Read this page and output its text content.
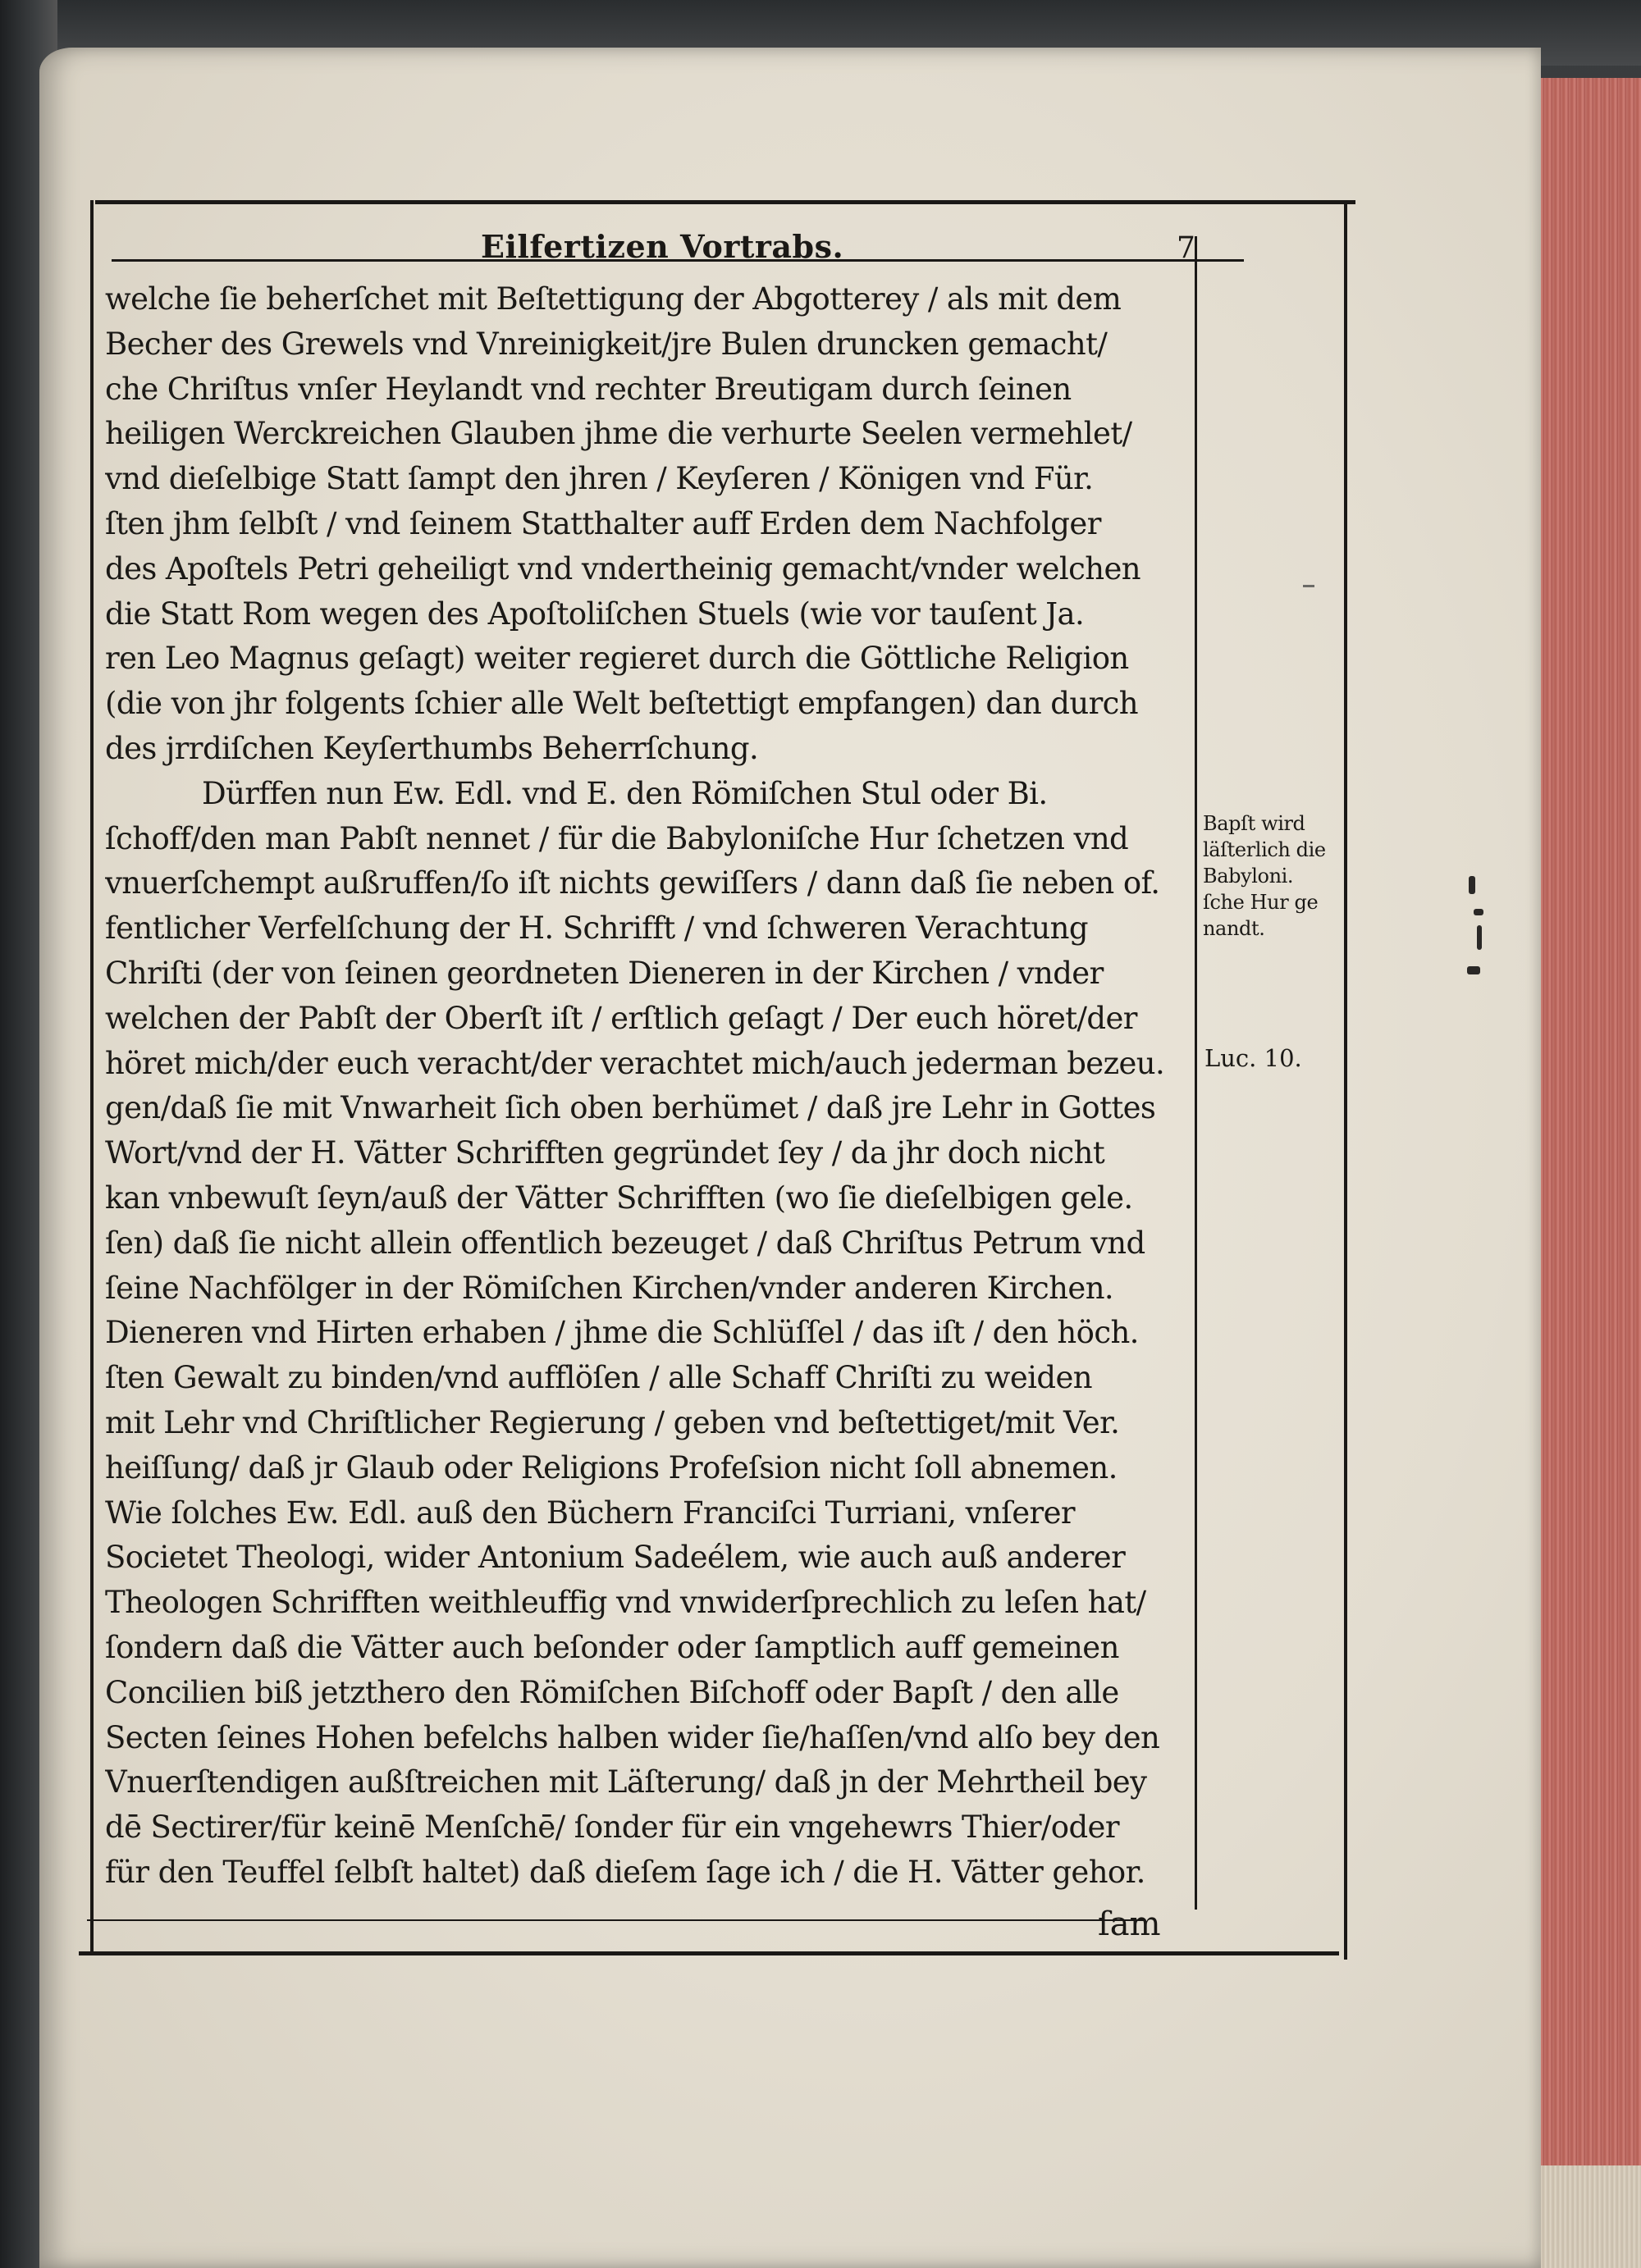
Eilfertizen Vortrabs.	7
welche ſie beherſchet mit Beſtettigung der Abgotterey / als mit dem
Becher des Grewels vnd Vnreinigkeit/jre Bulen druncken gemacht/
che Chriſtus vnſer Heylandt vnd rechter Breutigam durch ſeinen
heiligen Werckreichen Glauben jhme die verhurte Seelen vermehlet/
vnd dieſelbige Statt ſampt den jhren / Keyſeren / Königen vnd Für.
ſten jhm ſelbſt / vnd ſeinem Statthalter auff Erden dem Nachfolger
des Apoſtels Petri geheiligt vnd vndertheinig gemacht/vnder welchen
die Statt Rom wegen des Apoſtoliſchen Stuels (wie vor tauſent Ja.
ren Leo Magnus geſagt) weiter regieret durch die Göttliche Religion
(die von jhr folgents ſchier alle Welt beſtettigt empfangen) dan durch
des jrrdiſchen Keyſerthumbs Beherrſchung.
Dürffen nun Ew. Edl. vnd E. den Römiſchen Stul oder Bi.
ſchoff/den man Pabſt nennet / für die Babyloniſche Hur ſchetzen vnd
vnuerſchempt außruffen/ſo iſt nichts gewiſſers / dann daß ſie neben of.
fentlicher Verfelſchung der H. Schrifft / vnd ſchweren Verachtung
Chriſti (der von ſeinen geordneten Dieneren in der Kirchen / vnder
welchen der Pabſt der Oberſt iſt / erſtlich geſagt / Der euch höret/der
höret mich/der euch veracht/der verachtet mich/auch jederman bezeu.
gen/daß ſie mit Vnwarheit ſich oben berhümet / daß jre Lehr in Gottes
Wort/vnd der H. Vätter Schrifften gegründet ſey / da jhr doch nicht
kan vnbewuſt ſeyn/auß der Vätter Schrifften (wo ſie dieſelbigen gele.
ſen) daß ſie nicht allein offentlich bezeuget / daß Chriſtus Petrum vnd
ſeine Nachfölger in der Römiſchen Kirchen/vnder anderen Kirchen.
Dieneren vnd Hirten erhaben / jhme die Schlüſſel / das iſt / den höch.
ſten Gewalt zu binden/vnd aufflöſen / alle Schaff Chriſti zu weiden
mit Lehr vnd Chriſtlicher Regierung / geben vnd beſtettiget/mit Ver.
heiſſung/ daß jr Glaub oder Religions Profeſsion nicht ſoll abnemen.
Wie ſolches Ew. Edl. auß den Büchern Franciſci Turriani, vnſerer
Societet Theologi, wider Antonium Sadeélem, wie auch auß anderer
Theologen Schrifften weithleuffig vnd vnwiderſprechlich zu leſen hat/
ſondern daß die Vätter auch beſonder oder ſamptlich auff gemeinen
Concilien biß jetzthero den Römiſchen Biſchoff oder Bapſt / den alle
Secten ſeines Hohen befelchs halben wider ſie/haſſen/vnd alſo bey den
Vnuerſtendigen außſtreichen mit Läſterung/ daß jn der Mehrtheil bey
dē Sectirer/für keinē Menſchē/ ſonder für ein vngehewrs Thier/oder
für den Teuffel ſelbſt haltet) daß dieſem ſage ich / die H. Vätter gehor.
ſam
Bapſt wird
läſterlich die
Babyloni.
ſche Hur ge
nandt.
Luc. 10.
